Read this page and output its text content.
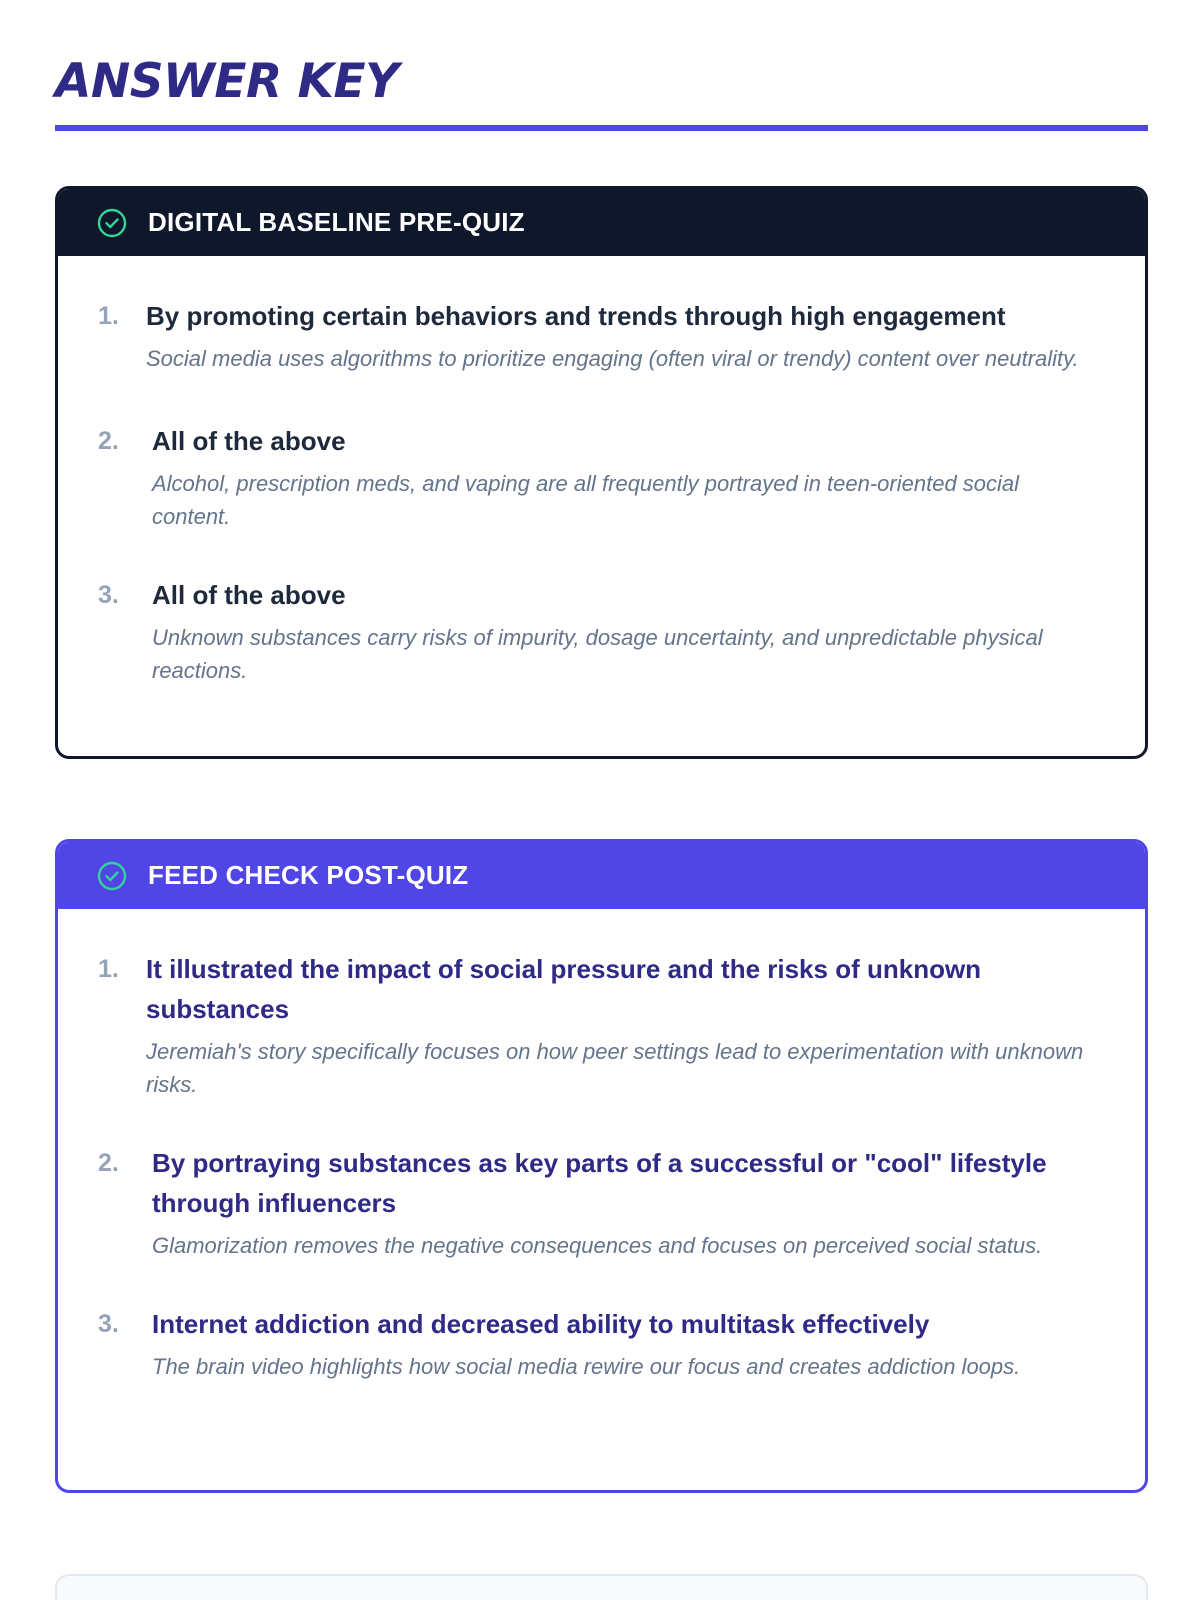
ANSWER KEY
DIGITAL BASELINE PRE-QUIZ
1.	By promoting certain behaviors and trends through high engagement
Social media uses algorithms to prioritize engaging (often viral or trendy) content over neutrality.
2.	All of the above
Alcohol, prescription meds, and vaping are all frequently portrayed in teen-oriented social content.
3.	All of the above
Unknown substances carry risks of impurity, dosage uncertainty, and unpredictable physical reactions.
FEED CHECK POST-QUIZ
1.	It illustrated the impact of social pressure and the risks of unknown substances
Jeremiah's story specifically focuses on how peer settings lead to experimentation with unknown risks.
2.	By portraying substances as key parts of a successful or "cool" lifestyle through influencers
Glamorization removes the negative consequences and focuses on perceived social status.
3.	Internet addiction and decreased ability to multitask effectively
The brain video highlights how social media rewire our focus and creates addiction loops.
